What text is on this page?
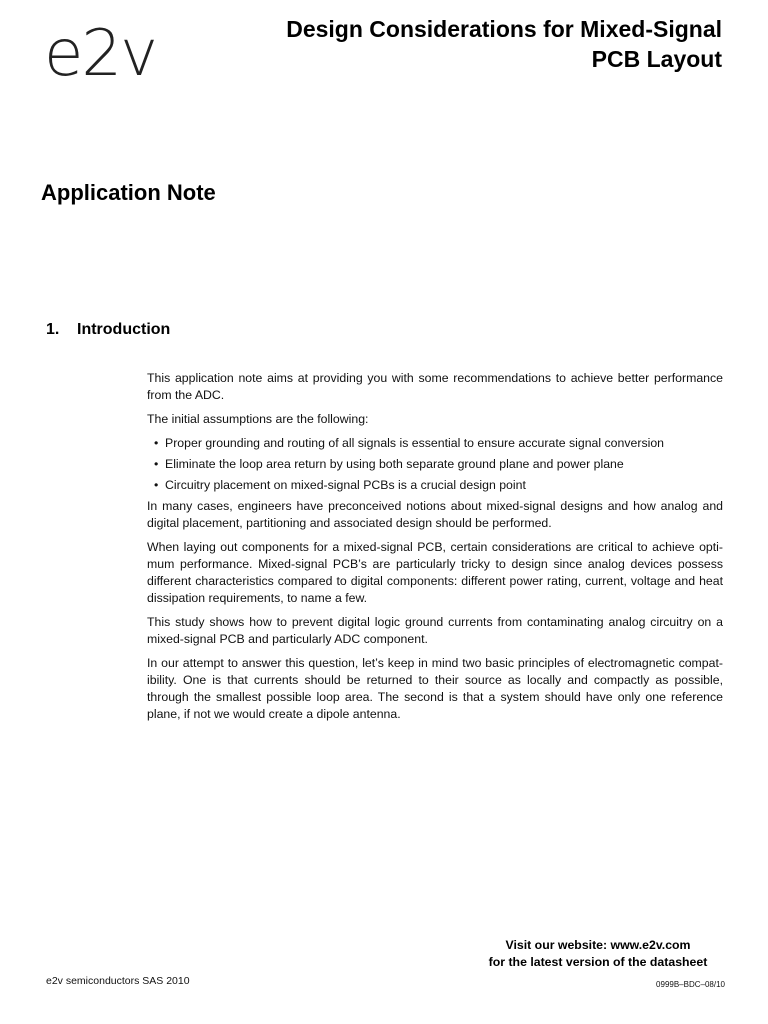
e2v	Design Considerations for Mixed-Signal
PCB Layout
Application Note
1. Introduction

This application note aims at providing you with some recommendations to achieve better performance from the ADC.

The initial assumptions are the following:

• Proper grounding and routing of all signals is essential to ensure accurate signal conversion
• Eliminate the loop area return by using both separate ground plane and power plane
• Circuitry placement on mixed-signal PCBs is a crucial design point

In many cases, engineers have preconceived notions about mixed-signal designs and how analog and digital placement, partitioning and associated design should be performed.

When laying out components for a mixed-signal PCB, certain considerations are critical to achieve opti-mum performance. Mixed-signal PCB’s are particularly tricky to design since analog devices possess different characteristics compared to digital components: different power rating, current, voltage and heat dissipation requirements, to name a few.

This study shows how to prevent digital logic ground currents from contaminating analog circuitry on a mixed-signal PCB and particularly ADC component.

In our attempt to answer this question, let’s keep in mind two basic principles of electromagnetic compat-ibility. One is that currents should be returned to their source as locally and compactly as possible, through the smallest possible loop area. The second is that a system should have only one reference plane, if not we would create a dipole antenna.

Visit our website: www.e2v.com
for the latest version of the datasheet
e2v semiconductors SAS 2010	0999B–BDC–08/10
